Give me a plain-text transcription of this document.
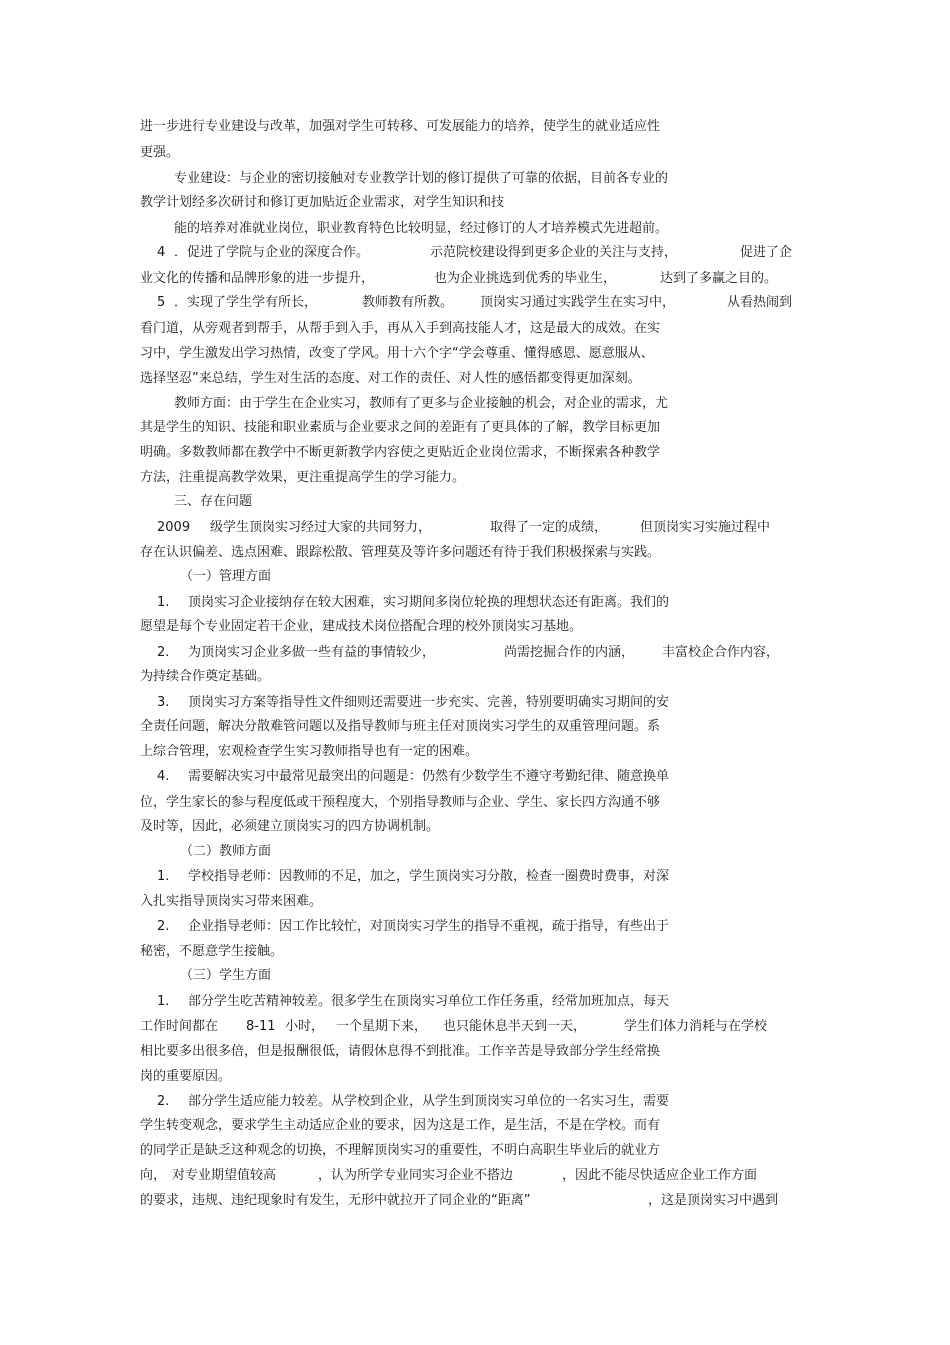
进一步进行专业建设与改革，加强对学生可转移、可发展能力的培养，使学生的就业适应性

更强。

专业建设：与企业的密切接触对专业教学计划的修订提供了可靠的依据，目前各专业的

教学计划经多次研讨和修订更加贴近企业需求，对学生知识和技

能的培养对准就业岗位，职业教育特色比较明显，经过修订的人才培养模式先进超前。

4 ．促进了学院与企业的深度合作。	示范院校建设得到更多企业的关注与支持，	促进了企

业文化的传播和品牌形象的进一步提升，	也为企业挑选到优秀的毕业生，	达到了多赢之目的。

5 ．实现了学生学有所长，	教师教有所教。 顶岗实习通过实践学生在实习中，	从看热闹到

看门道，从旁观者到帮手，从帮手到入手，再从入手到高技能人才，这是最大的成效。在实

习中，学生激发出学习热情，改变了学风。用十六个字“学会尊重、懂得感恩、愿意服从、

选择坚忍”来总结，学生对生活的态度、对工作的责任、对人性的感悟都变得更加深刻。

教师方面：由于学生在企业实习，教师有了更多与企业接触的机会，对企业的需求，尤

其是学生的知识、技能和职业素质与企业要求之间的差距有了更具体的了解，教学目标更加

明确。多数教师都在教学中不断更新教学内容使之更贴近企业岗位需求，不断探索各种教学

方法，注重提高教学效果，更注重提高学生的学习能力。

三、存在问题

2009 级学生顶岗实习经过大家的共同努力，	取得了一定的成绩，	但顶岗实习实施过程中

存在认识偏差、选点困难、跟踪松散、管理莫及等许多问题还有待于我们积极探索与实践。

（一）管理方面

1. 顶岗实习企业接纳存在较大困难，实习期间多岗位轮换的理想状态还有距离。我们的

愿望是每个专业固定若干企业，建成技术岗位搭配合理的校外顶岗实习基地。

2. 为顶岗实习企业多做一些有益的事情较少，	尚需挖掘合作的内涵， 丰富校企合作内容，

为持续合作奠定基础。

3. 顶岗实习方案等指导性文件细则还需要进一步充实、完善，特别要明确实习期间的安

全责任问题，解决分散难管问题以及指导教师与班主任对顶岗实习学生的双重管理问题。系

上综合管理，宏观检查学生实习教师指导也有一定的困难。

4. 需要解决实习中最常见最突出的问题是：仍然有少数学生不遵守考勤纪律、随意换单

位，学生家长的参与程度低或干预程度大，个别指导教师与企业、学生、家长四方沟通不够

及时等，因此，必须建立顶岗实习的四方协调机制。

（二）教师方面

1. 学校指导老师：因教师的不足，加之，学生顶岗实习分散，检查一圈费时费事，对深

入扎实指导顶岗实习带来困难。

2. 企业指导老师：因工作比较忙，对顶岗实习学生的指导不重视，疏于指导，有些出于

秘密，不愿意学生接触。

（三）学生方面

1. 部分学生吃苦精神较差。很多学生在顶岗实习单位工作任务重，经常加班加点，每天

工作时间都在 8-11 小时， 一个星期下来， 也只能休息半天到一天，	学生们体力消耗与在学校

相比要多出很多倍，但是报酬很低，请假休息得不到批准。工作辛苦是导致部分学生经常换

岗的重要原因。

2. 部分学生适应能力较差。从学校到企业，从学生到顶岗实习单位的一名实习生，需要

学生转变观念，要求学生主动适应企业的要求，因为这是工作，是生活，不是在学校。而有

的同学正是缺乏这种观念的切换，不理解顶岗实习的重要性，不明白高职生毕业后的就业方

向， 对专业期望值较高	，认为所学专业同实习企业不搭边	，因此不能尽快适应企业工作方面

的要求，违规、违纪现象时有发生，无形中就拉开了同企业的“距离”	，这是顶岗实习中遇到
